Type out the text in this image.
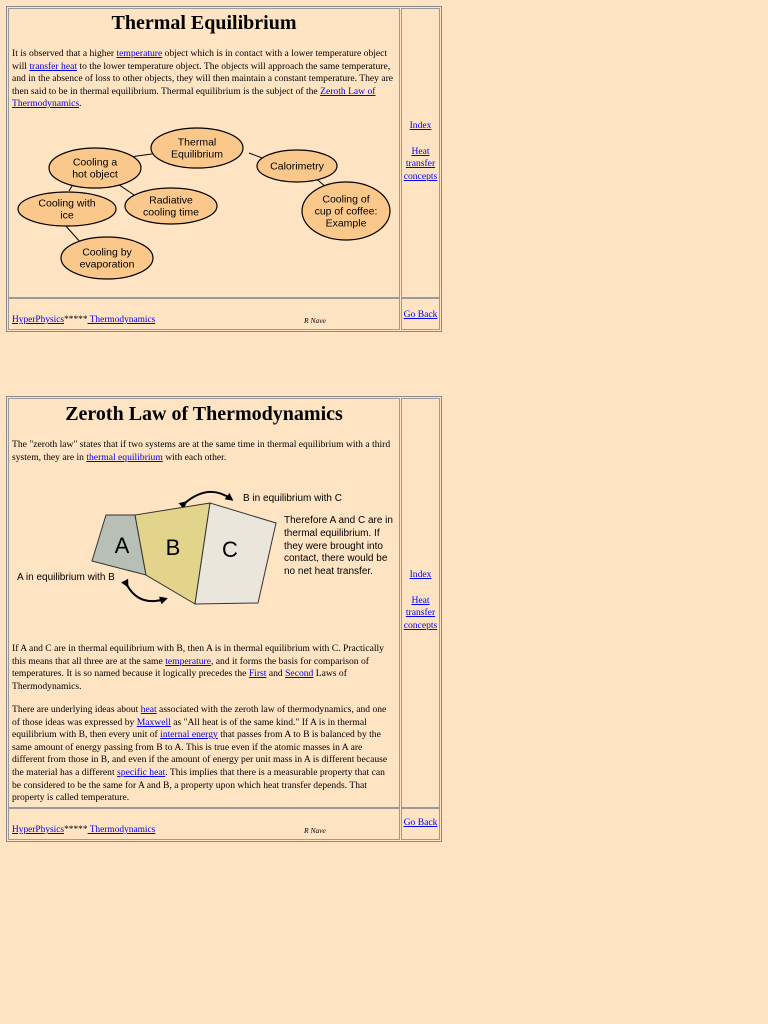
Thermal Equilibrium

It is observed that a higher temperature object which is in contact with a lower temperature object will transfer heat to the lower temperature object. The objects will approach the same temperature, and in the absence of loss to other objects, they will then maintain a constant temperature. They are then said to be in thermal equilibrium. Thermal equilibrium is the subject of the Zeroth Law of Thermodynamics.

Thermal Equilibrium
Cooling a hot object
Calorimetry
Cooling with ice
Radiative cooling time
Cooling of cup of coffee: Example
Cooling by evaporation
Index
Heat
transfer
concepts
HyperPhysics***** Thermodynamics	R Nave
Go Back
Zeroth Law of Thermodynamics

The "zeroth law" states that if two systems are at the same time in thermal equilibrium with a third system, they are in thermal equilibrium with each other.

A B C
B in equilibrium with C
A in equilibrium with B
Therefore A and C are in thermal equilibrium. If they were brought into contact, there would be no net heat transfer.

If A and C are in thermal equilibrium with B, then A is in thermal equilibrium with C. Practically this means that all three are at the same temperature, and it forms the basis for comparison of temperatures. It is so named because it logically precedes the First and Second Laws of Thermodynamics.

There are underlying ideas about heat associated with the zeroth law of thermodynamics, and one of those ideas was expressed by Maxwell as "All heat is of the same kind." If A is in thermal equilibrium with B, then every unit of internal energy that passes from A to B is balanced by the same amount of energy passing from B to A. This is true even if the atomic masses in A are different from those in B, and even if the amount of energy per unit mass in A is different because the material has a different specific heat. This implies that there is a measurable property that can be considered to be the same for A and B, a property upon which heat transfer depends. That property is called temperature.

Index
Heat
transfer
concepts
HyperPhysics***** Thermodynamics	R Nave
Go Back
